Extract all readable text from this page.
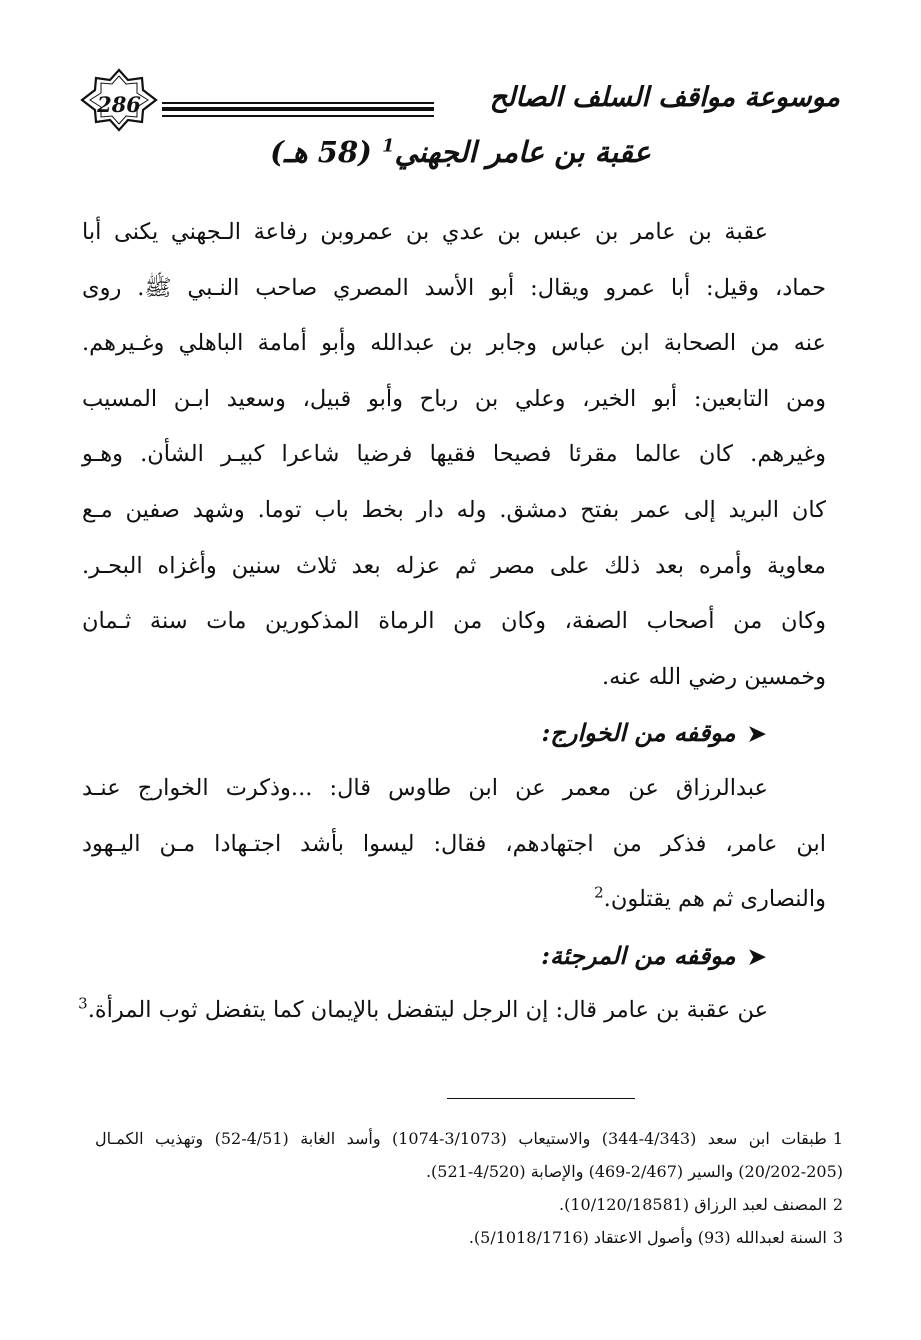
286	موسوعة مواقف السلف الصالح
عقبة بن عامر الجهني$^1$ (58 هـ)
عقبة بن عامر بن عبس بن عدي بن عمروبن رفاعة الـجهني يكنى أبا
حماد، وقيل: أبا عمرو ويقال: أبو الأسد المصري صاحب النـبي ﷺ. روى
عنه من الصحابة ابن عباس وجابر بن عبدالله وأبو أمامة الباهلي وغـيرهم.
ومن التابعين: أبو الخير، وعلي بن رباح وأبو قبيل، وسعيد ابـن المسيب
وغيرهم. كان عالما مقرئا فصيحا فقيها فرضيا شاعرا كبيـر الشأن. وهـو
كان البريد إلى عمر بفتح دمشق. وله دار بخط باب توما. وشهد صفين مـع
معاوية وأمره بعد ذلك على مصر ثم عزله بعد ثلاث سنين وأغزاه البحـر.
وكان من أصحاب الصفة، وكان من الرماة المذكورين مات سنة ثـمان
وخمسين رضي الله عنه.
➤موقفه من الخوارج:
عبدالرزاق عن معمر عن ابن طاوس قال: ...وذكرت الخوارج عنـد
ابن عامر، فذكر من اجتهادهم، فقال: ليسوا بأشد اجتـهادا مـن اليـهود
والنصارى ثم هم يقتلون.$^2$
➤موقفه من المرجئة:
عن عقبة بن عامر قال: إن الرجل ليتفضل بالإيمان كما يتفضل ثوب المرأة.$^3$
1طبقات ابن سعد (4/343-344) والاستيعاب (3/1073-1074) وأسد الغابة (4/51-52) وتهذيب الكمـال
(20/202-205) والسير (2/467-469) والإصابة (4/520-521).
2المصنف لعبد الرزاق (10/120/18581).
3السنة لعبدالله (93) وأصول الاعتقاد (5/1018/1716).
